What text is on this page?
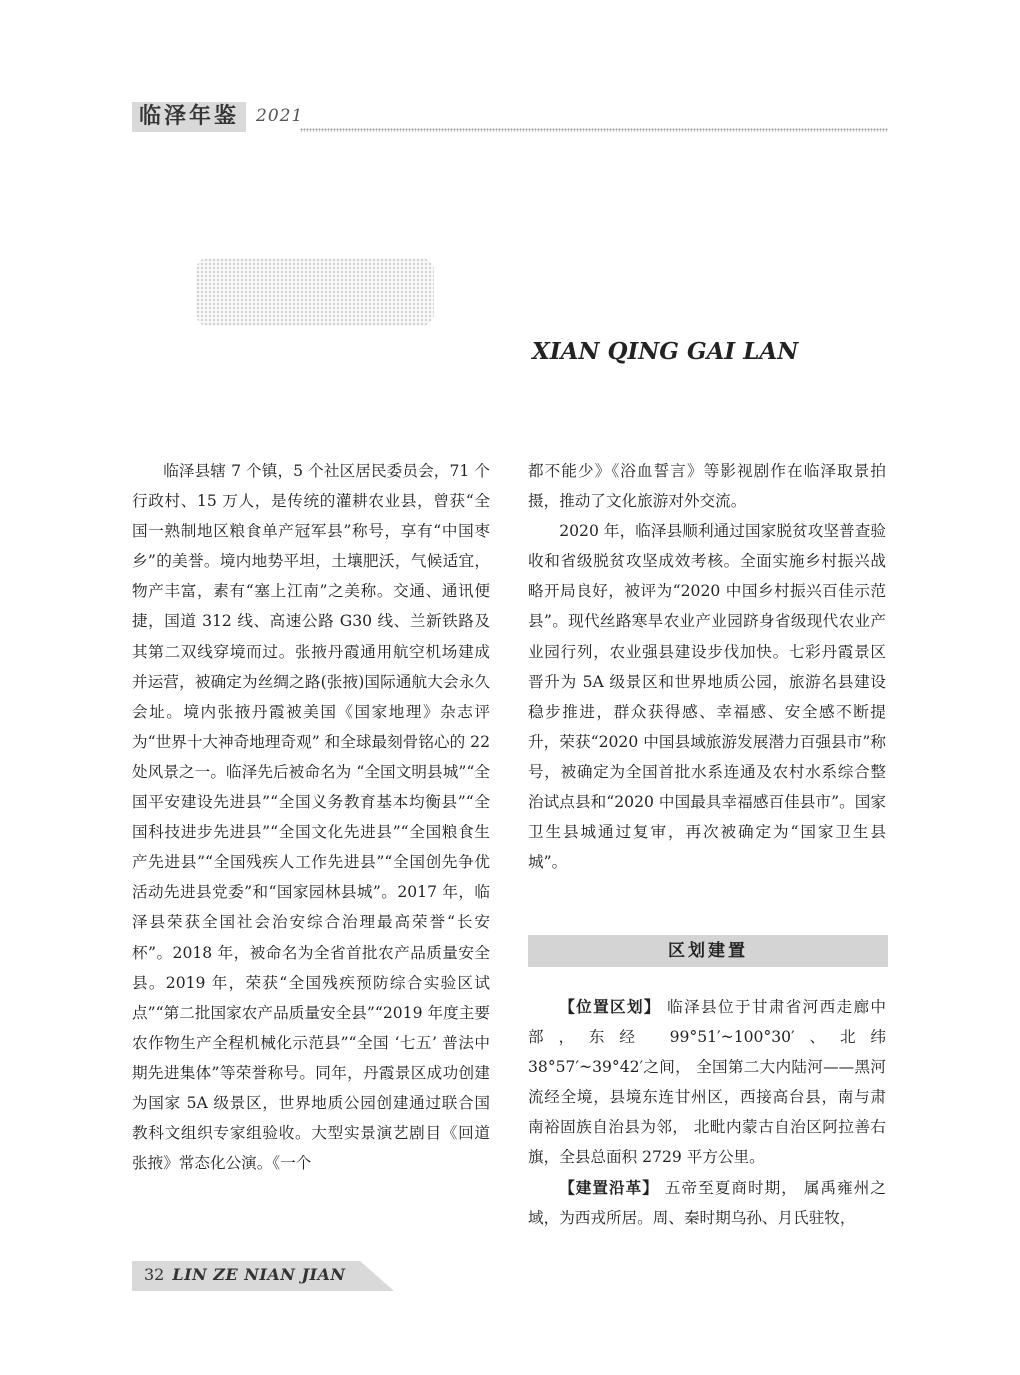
临泽年鉴	2021
XIAN QING GAI LAN

临泽县辖 7 个镇，5 个社区居民委员会，71 个行政村、15 万人，是传统的灌耕农业县，曾获“全国一熟制地区粮食单产冠军县”称号，享有“中国枣乡”的美誉。境内地势平坦，土壤肥沃，气候适宜，物产丰富，素有“塞上江南”之美称。交通、通讯便捷，国道 312 线、高速公路 G30 线、兰新铁路及其第二双线穿境而过。张掖丹霞通用航空机场建成并运营，被确定为丝绸之路(张掖)国际通航大会永久会址。境内张掖丹霞被美国《国家地理》杂志评为“世界十大神奇地理奇观” 和全球最刻骨铭心的 22 处风景之一。临泽先后被命名为 “全国文明县城”“全国平安建设先进县”“全国义务教育基本均衡县”“全国科技进步先进县”“全国文化先进县”“全国粮食生产先进县”“全国残疾人工作先进县”“全国创先争优活动先进县党委”和“国家园林县城”。2017 年，临泽县荣获全国社会治安综合治理最高荣誉“长安杯”。2018 年，被命名为全省首批农产品质量安全县。2019 年，荣获“全国残疾预防综合实验区试点”“第二批国家农产品质量安全县”“2019 年度主要农作物生产全程机械化示范县”“全国 ‘七五’ 普法中期先进集体”等荣誉称号。同年，丹霞景区成功创建为国家 5A 级景区，世界地质公园创建通过联合国教科文组织专家组验收。大型实景演艺剧目《回道张掖》常态化公演。《一个

都不能少》《浴血誓言》等影视剧作在临泽取景拍摄，推动了文化旅游对外交流。

2020 年，临泽县顺利通过国家脱贫攻坚普查验收和省级脱贫攻坚成效考核。全面实施乡村振兴战略开局良好，被评为“2020 中国乡村振兴百佳示范县”。现代丝路寒旱农业产业园跻身省级现代农业产业园行列，农业强县建设步伐加快。七彩丹霞景区晋升为 5A 级景区和世界地质公园，旅游名县建设稳步推进，群众获得感、幸福感、安全感不断提升，荣获“2020 中国县域旅游发展潜力百强县市”称号，被确定为全国首批水系连通及农村水系综合整治试点县和“2020 中国最具幸福感百佳县市”。国家卫生县城通过复审，再次被确定为“国家卫生县城”。

区划建置

【位置区划】 临泽县位于甘肃省河西走廊中部，东经 99°51′~100°30′、北纬 38°57′~39°42′之间， 全国第二大内陆河——黑河流经全境，县境东连甘州区，西接高台县，南与肃南裕固族自治县为邻， 北毗内蒙古自治区阿拉善右旗，全县总面积 2729 平方公里。

【建置沿革】 五帝至夏商时期， 属禹雍州之域，为西戎所居。周、秦时期乌孙、月氏驻牧，

32 LIN ZE NIAN JIAN
